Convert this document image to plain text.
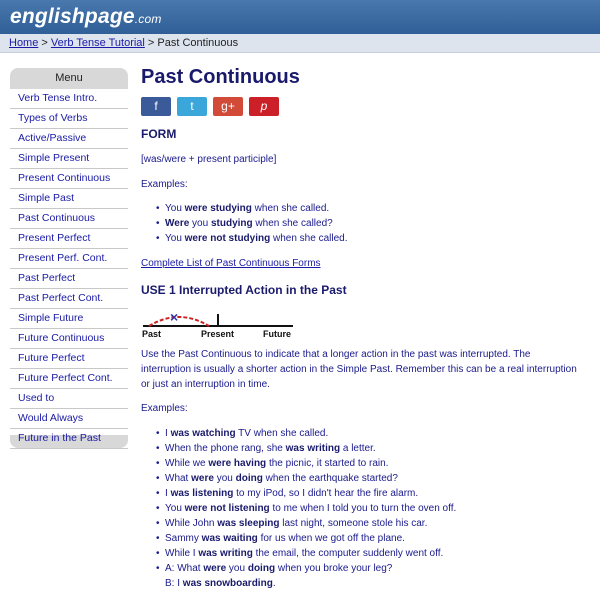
englishpage.com
Home > Verb Tense Tutorial > Past Continuous
Menu
Verb Tense Intro.
Types of Verbs
Active/Passive
Simple Present
Present Continuous
Simple Past
Past Continuous
Present Perfect
Present Perf. Cont.
Past Perfect
Past Perfect Cont.
Simple Future
Future Continuous
Future Perfect
Future Perfect Cont.
Used to
Would Always
Future in the Past
Past Continuous
f	t	g+	p
FORM
[was/were + present participle]
Examples:
• You were studying when she called.
• Were you studying when she called?
• You were not studying when she called.
Complete List of Past Continuous Forms
USE 1 Interrupted Action in the Past
×
Past	Present	Future
Use the Past Continuous to indicate that a longer action in the past was interrupted. The interruption is usually a shorter action in the Simple Past. Remember this can be a real interruption or just an interruption in time.
Examples:
• I was watching TV when she called.
• When the phone rang, she was writing a letter.
• While we were having the picnic, it started to rain.
• What were you doing when the earthquake started?
• I was listening to my iPod, so I didn't hear the fire alarm.
• You were not listening to me when I told you to turn the oven off.
• While John was sleeping last night, someone stole his car.
• Sammy was waiting for us when we got off the plane.
• While I was writing the email, the computer suddenly went off.
• A: What were you doing when you broke your leg?
B: I was snowboarding.
